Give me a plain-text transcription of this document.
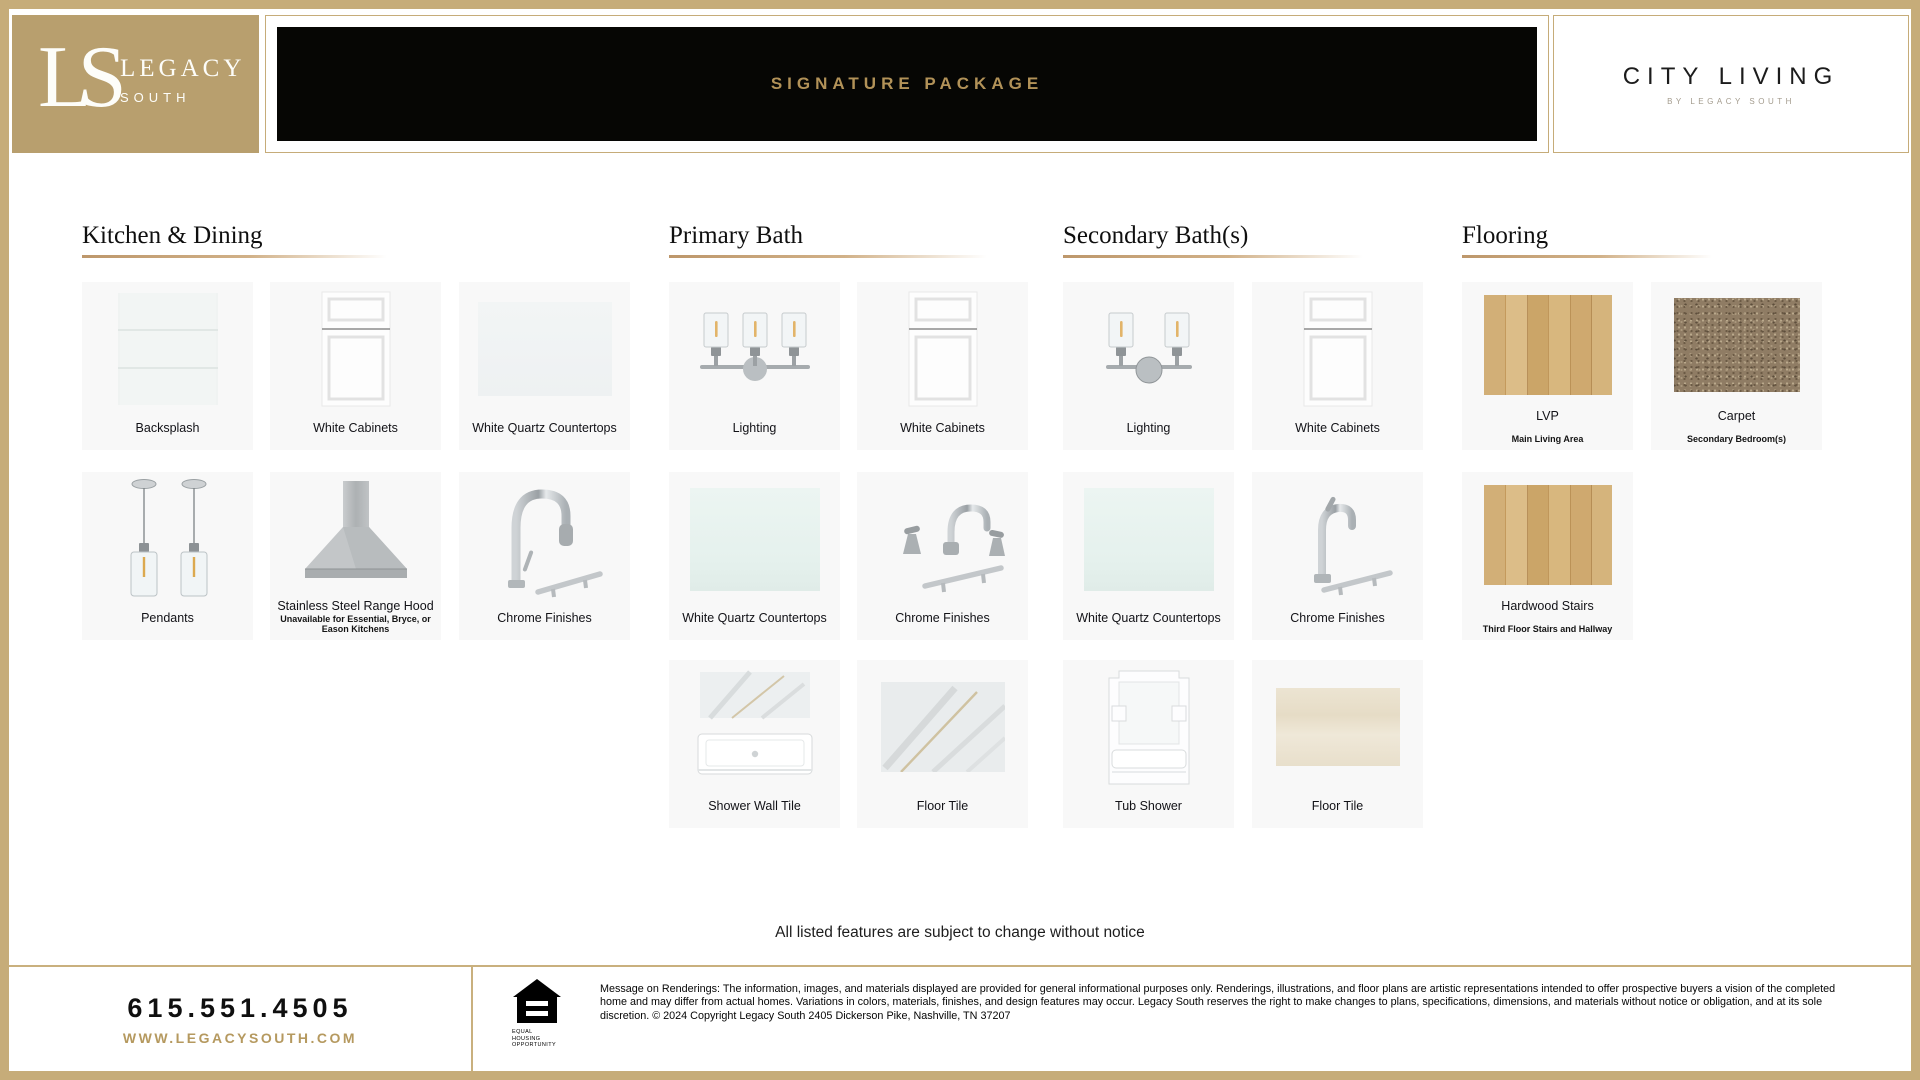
LS
LEGACY
SOUTH
SIGNATURE PACKAGE	CITY LIVING
BY LEGACY SOUTH
Kitchen & Dining	Primary Bath	Secondary Bath(s)	Flooring
Backsplash	White Cabinets	White Quartz Countertops
Pendants
Stainless Steel Range Hood
Unavailable for Essential, Bryce, or Eason Kitchens
Chrome Finishes
Lighting	White Cabinets
White Quartz Countertops	Chrome Finishes
Shower Wall Tile	Floor Tile
Lighting	White Cabinets
White Quartz Countertops	Chrome Finishes
Tub Shower	Floor Tile
LVP
Main Living Area
Carpet
Secondary Bedroom(s)
Hardwood Stairs
Third Floor Stairs and Hallway
All listed features are subject to change without notice
615.551.4505
WWW.LEGACYSOUTH.COM	EQUAL HOUSING OPPORTUNITY
Message on Renderings: The information, images, and materials displayed are provided for general informational purposes only. Renderings, illustrations, and floor plans are artistic representations intended to offer prospective buyers a vision of the completed home and may differ from actual homes. Variations in colors, materials, finishes, and design features may occur. Legacy South reserves the right to make changes to plans, specifications, dimensions, and materials without notice or obligation, and at its sole discretion. © 2024 Copyright Legacy South 2405 Dickerson Pike, Nashville, TN 37207
